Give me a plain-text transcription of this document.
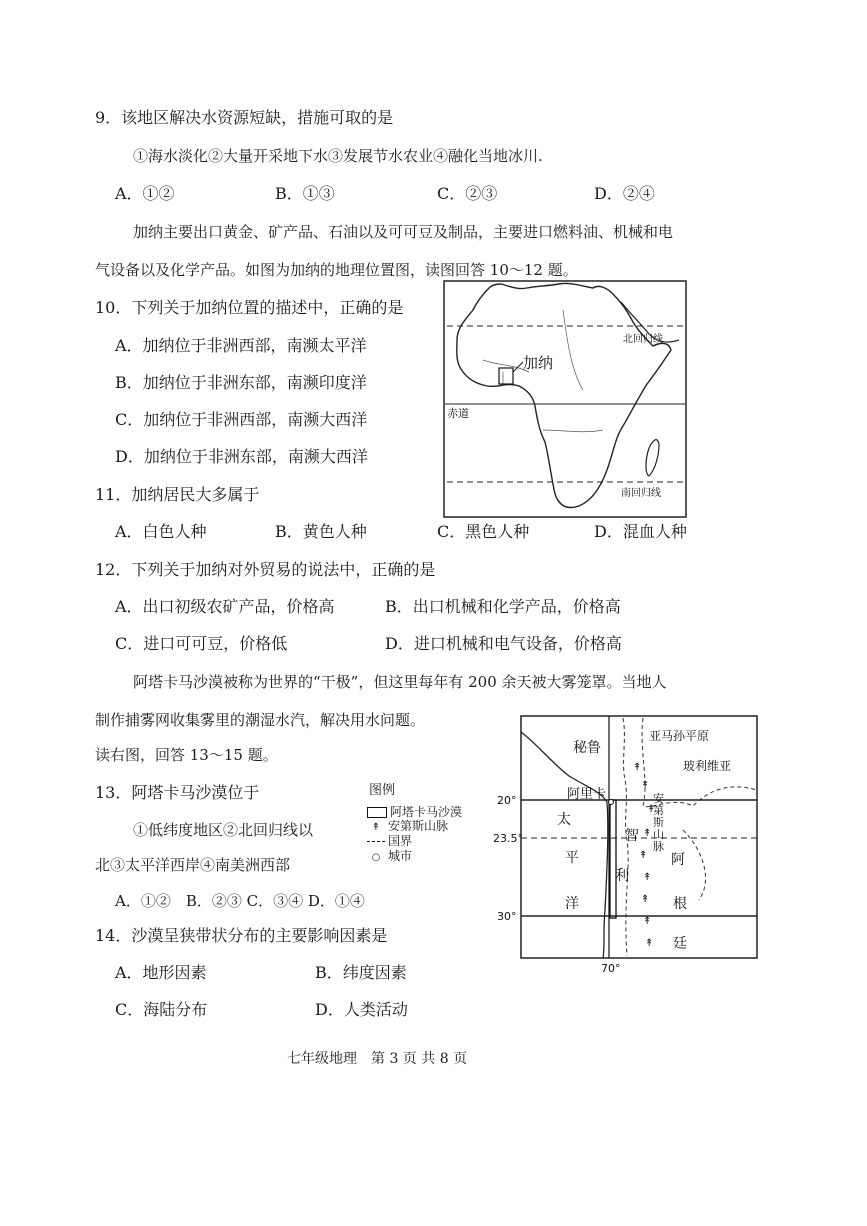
9．该地区解决水资源短缺，措施可取的是
①海水淡化②大量开采地下水③发展节水农业④融化当地冰川.
A．①②	B．①③	C．②③	D．②④
加纳主要出口黄金、矿产品、石油以及可可豆及制品，主要进口燃料油、机械和电
气设备以及化学产品。如图为加纳的地理位置图，读图回答 10～12 题。
10．下列关于加纳位置的描述中，正确的是
A．加纳位于非洲西部，南濒太平洋
B．加纳位于非洲东部，南濒印度洋
C．加纳位于非洲西部，南濒大西洋
D．加纳位于非洲东部，南濒大西洋
11．加纳居民大多属于
A．白色人种	B．黄色人种	C．黑色人种	D．混血人种
加纳
北回归线
赤道
南回归线
12．下列关于加纳对外贸易的说法中，正确的是
A．出口初级农矿产品，价格高	B．出口机械和化学产品，价格高
C．进口可可豆，价格低	D．进口机械和电气设备，价格高
阿塔卡马沙漠被称为世界的“干极”，但这里每年有 200 余天被大雾笼罩。当地人
制作捕雾网收集雾里的潮湿水汽，解决用水问题。
读右图，回答 13～15 题。
13．阿塔卡马沙漠位于
①低纬度地区②北回归线以
北③太平洋西岸④南美洲西部
A．①②　B．②③ C．③④ D．①④
图例
阿塔卡马沙漠
↟ 安第斯山脉
国界
○ 城市
↟
↟
↟
↟
↟
↟
↟
↟
↟
秘鲁
亚马孙平原
玻利维亚
阿里卡
太
平
洋
智
利
安
第
斯
山
脉
阿
根
廷
20°
23.5°
30°
70°
14．沙漠呈狭带状分布的主要影响因素是
A．地形因素	B．纬度因素
C．海陆分布	D．人类活动
七年级地理　第 3 页 共 8 页
